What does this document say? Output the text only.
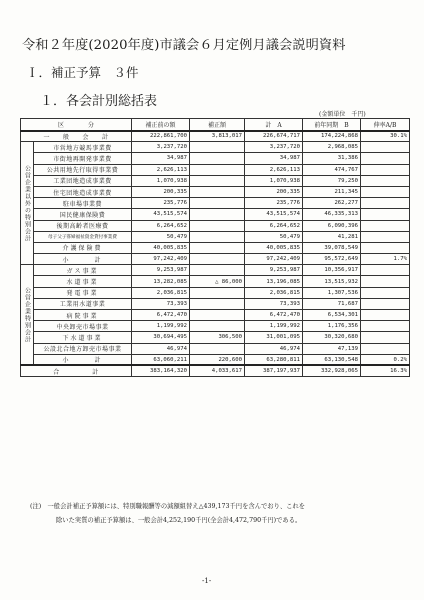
令和２年度(2020年度)市議会６月定例月議会説明資料
Ｉ．補正予算　３件
１．各会計別総括表
(金額単位　千円)
区　　　　分		補正前の額	補正額	計　A	前年同期　B	伸率A/B
一　　般　　会　　計		222,861,700	3,813,017	226,674,717	174,224,868	30.1%
公営企業以外の特別会計	市営地方競馬事業費	3,237,720		3,237,720	2,968,085	
	市街地再開発事業費	34,987		34,987	31,386	
	公共用地先行取得事業費	2,626,113		2,626,113	474,767	
	工業団地造成事業費	1,070,938		1,070,938	79,250	
	住宅団地造成事業費	200,335		200,335	211,345	
	駐車場事業費	235,776		235,776	262,277	
	国民健康保険費	43,515,574		43,515,574	46,335,313	
	後期高齢者医療費	6,264,652		6,264,652	6,090,396	
	母子父子寡婦福祉資金貸付事業費	50,479		50,479	41,281	
	介護保険費	40,005,835		40,005,835	39,078,549	
	小　　　計	97,242,409		97,242,409	95,572,649	1.7%
公営企業特別会計	ガス事業	9,253,987		9,253,987	10,356,917	
	水道事業	13,282,085	△ 86,000	13,196,085	13,515,932	
	発電事業	2,036,815		2,036,815	1,307,536	
	工業用水道事業	73,393		73,393	71,687	
	病院事業	6,472,470		6,472,470	6,534,301	
	中央卸売市場事業	1,199,992		1,199,992	1,176,356	
	下水道事業	30,694,495	306,500	31,001,095	30,320,680	
	公設北合地方卸売市場事業	46,974		46,974	47,139	
	小　　　計	63,060,211	220,600	63,280,811	63,130,548	0.2%
合　　　　　計		383,164,320	4,033,617	387,197,937	332,928,065	16.3%
(注)　一般会計補正予算額には、特別職報酬等の減額組替え△439,173千円を含んでおり、これを
除いた実質の補正予算額は、一般会計4,252,190千円(全会計4,472,790千円)である。
-1-
